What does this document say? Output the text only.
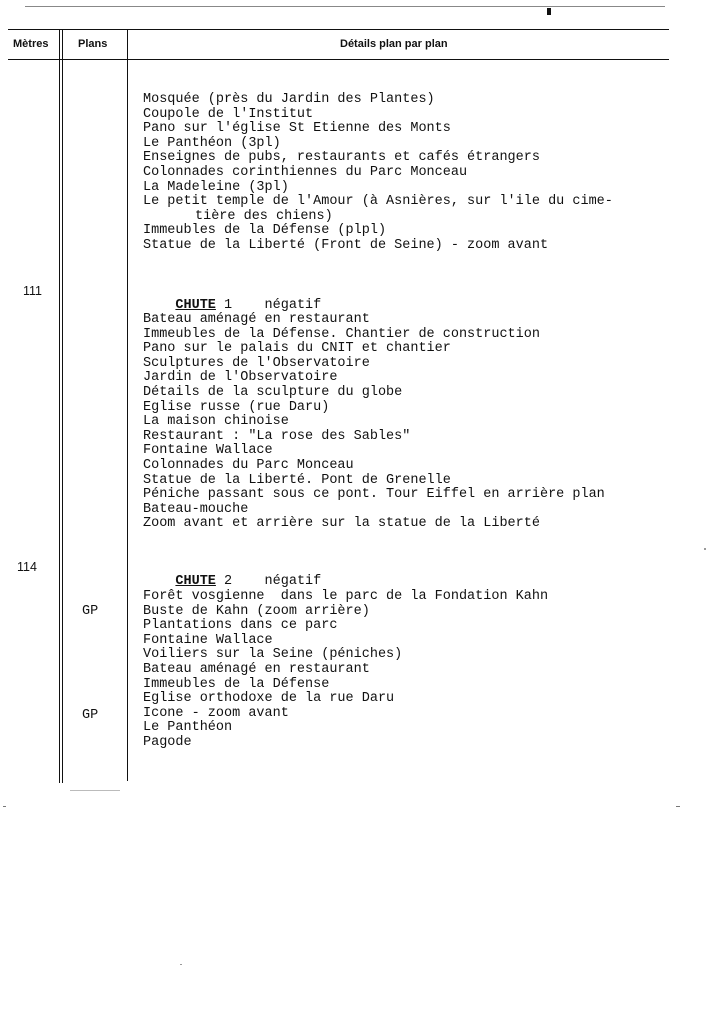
Mètres	Plans	Détails plan par plan
Mosquée (près du Jardin des Plantes)
Coupole de l'Institut
Pano sur l'église St Etienne des Monts
Le Panthéon (3pl)
Enseignes de pubs, restaurants et cafés étrangers
Colonnades corinthiennes du Parc Monceau
La Madeleine (3pl)
Le petit temple de l'Amour (à Asnières, sur l'ile du cime-
tière des chiens)
Immeubles de la Défense (plpl)
Statue de la Liberté (Front de Seine) - zoom avant
111

CHUTE 1 négatif

Bateau aménagé en restaurant
Immeubles de la Défense. Chantier de construction
Pano sur le palais du CNIT et chantier
Sculptures de l'Observatoire
Jardin de l'Observatoire
Détails de la sculpture du globe
Eglise russe (rue Daru)
La maison chinoise
Restaurant : "La rose des Sables"
Fontaine Wallace
Colonnades du Parc Monceau
Statue de la Liberté. Pont de Grenelle
Péniche passant sous ce pont. Tour Eiffel en arrière plan
Bateau-mouche
Zoom avant et arrière sur la statue de la Liberté
114

CHUTE 2 négatif

GP
GP
Forêt vosgienne  dans le parc de la Fondation Kahn
Buste de Kahn (zoom arrière)
Plantations dans ce parc
Fontaine Wallace
Voiliers sur la Seine (péniches)
Bateau aménagé en restaurant
Immeubles de la Défense
Eglise orthodoxe de la rue Daru
Icone - zoom avant
Le Panthéon
Pagode
